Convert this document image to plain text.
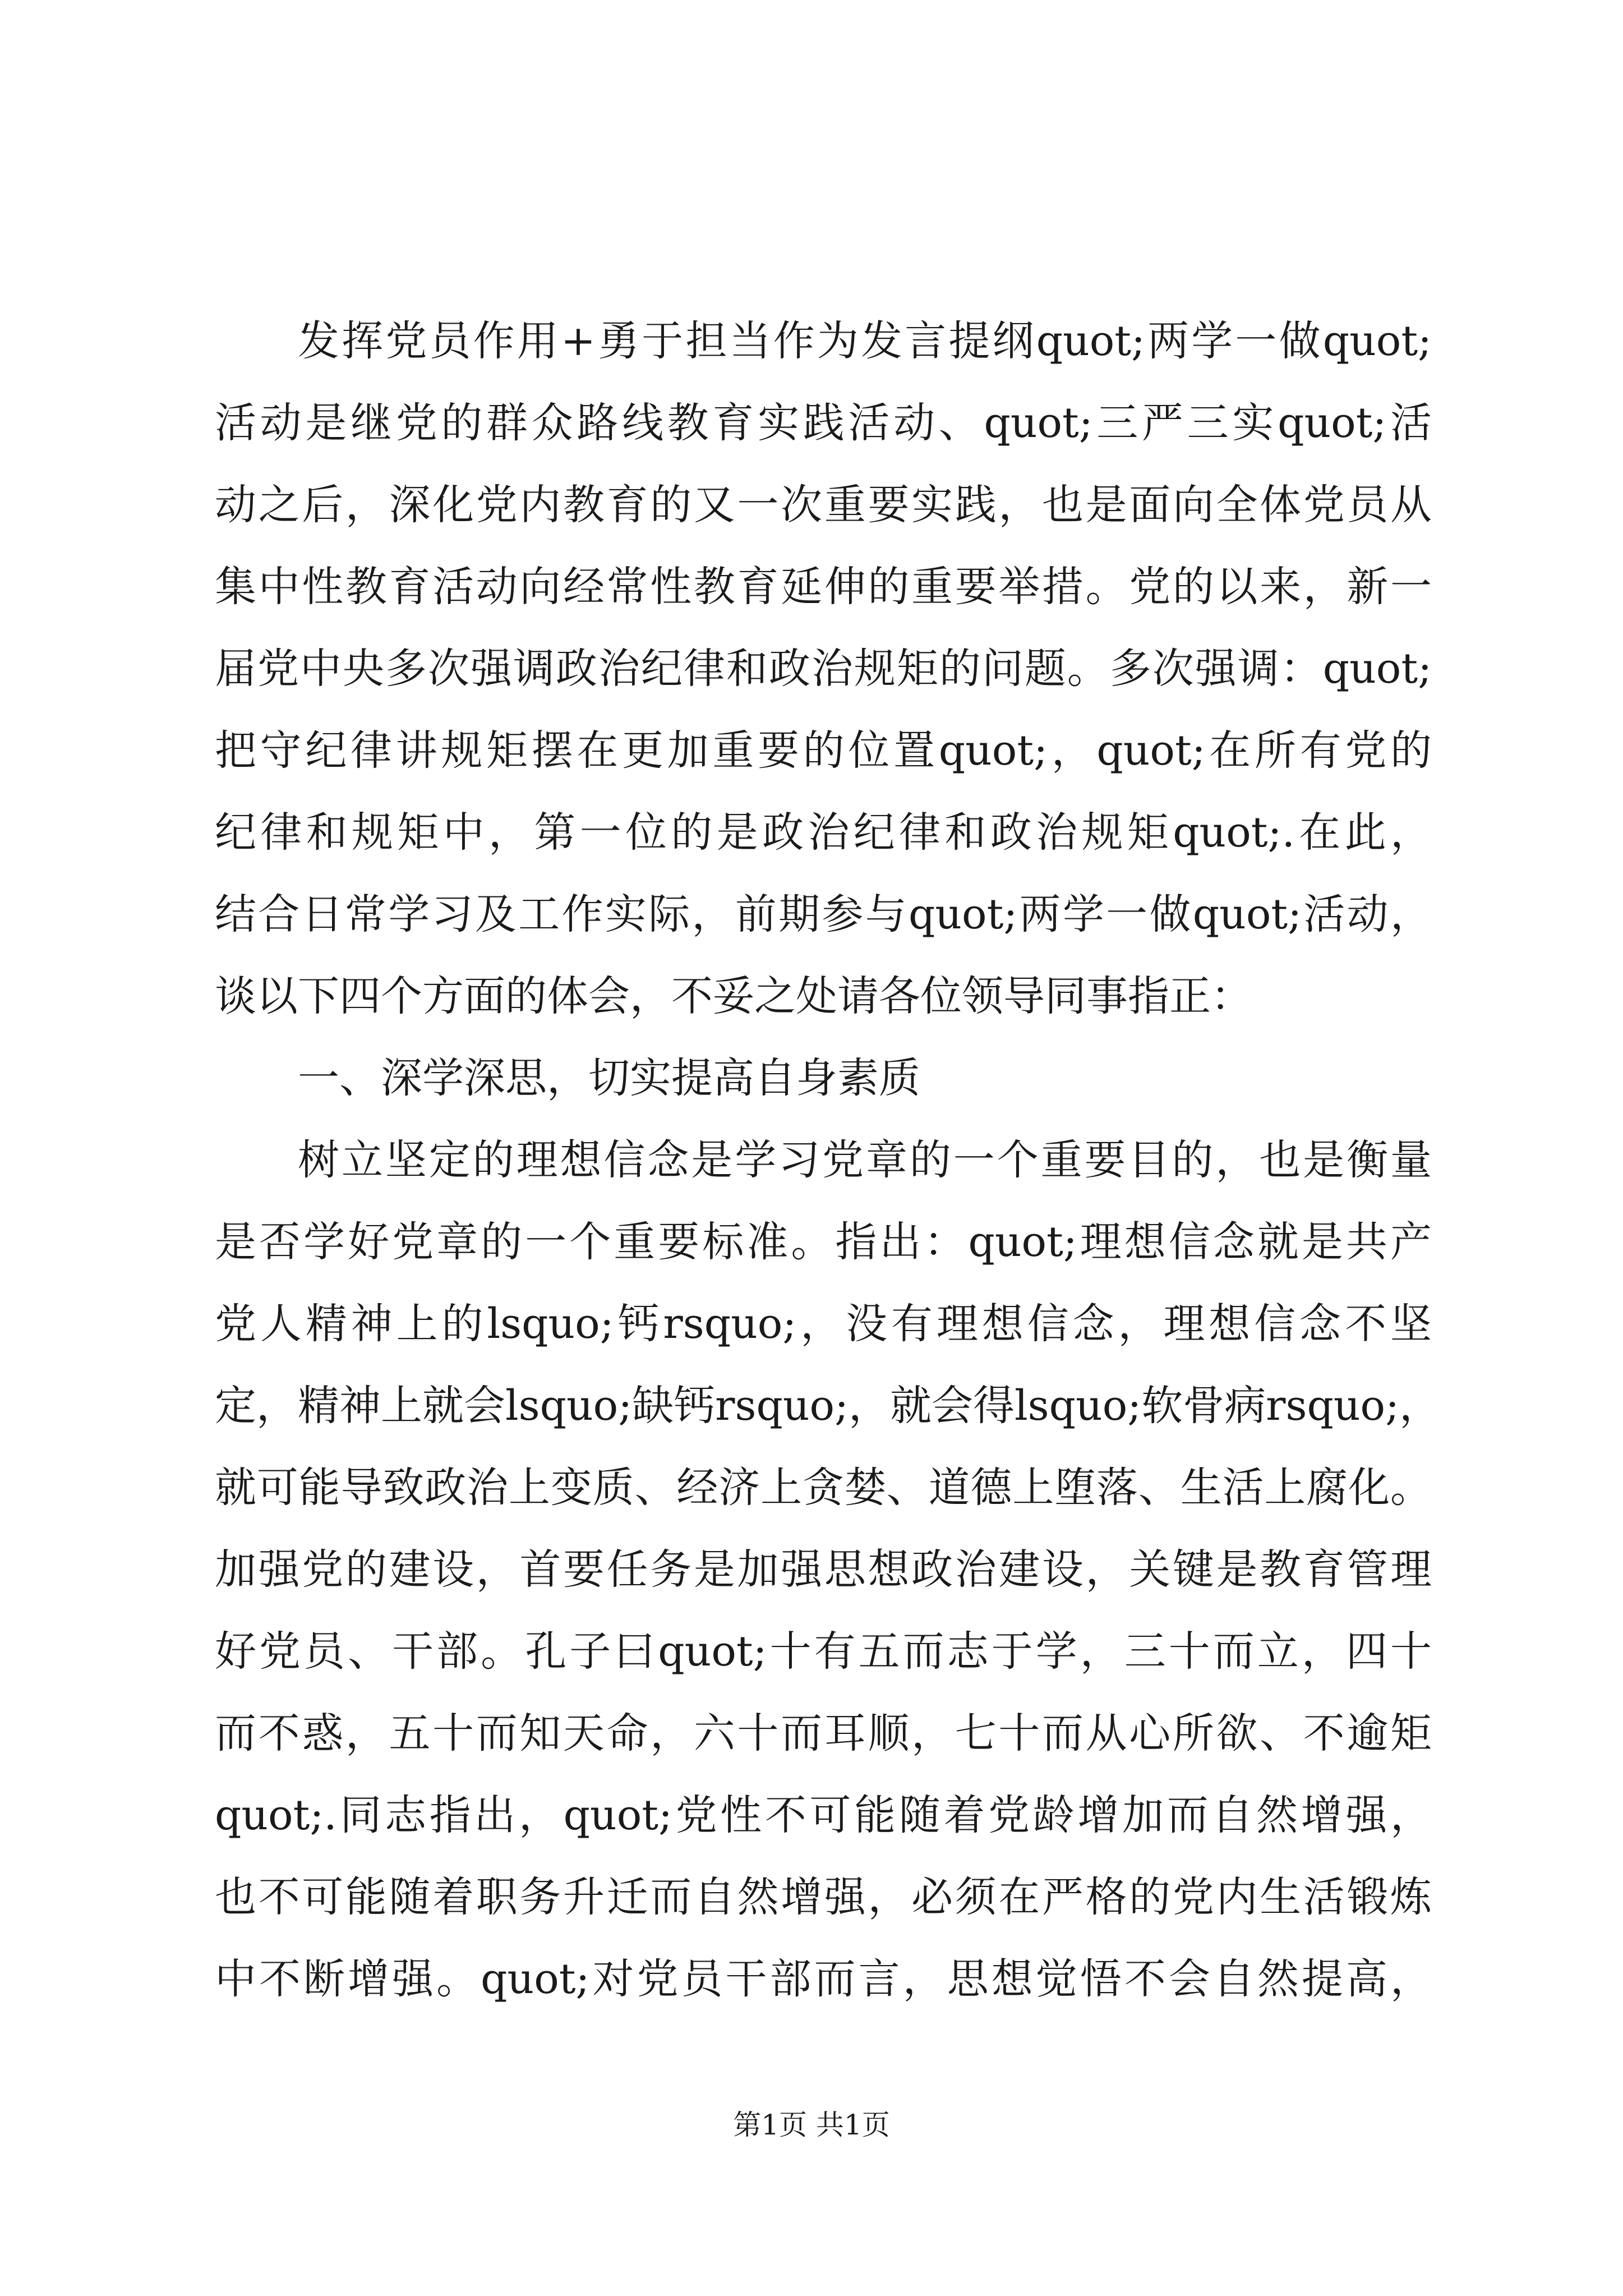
发挥党员作用+勇于担当作为发言提纲quot;两学一做quot;
活动是继党的群众路线教育实践活动、quot;三严三实quot;活
动之后，深化党内教育的又一次重要实践，也是面向全体党员从
集中性教育活动向经常性教育延伸的重要举措。党的以来，新一
届党中央多次强调政治纪律和政治规矩的问题。多次强调：quot;
把守纪律讲规矩摆在更加重要的位置quot;，quot;在所有党的
纪律和规矩中，第一位的是政治纪律和政治规矩quot;.在此，
结合日常学习及工作实际，前期参与quot;两学一做quot;活动，
谈以下四个方面的体会，不妥之处请各位领导同事指正：
一、深学深思，切实提高自身素质
树立坚定的理想信念是学习党章的一个重要目的，也是衡量
是否学好党章的一个重要标准。指出：quot;理想信念就是共产
党人精神上的lsquo;钙rsquo;，没有理想信念，理想信念不坚
定，精神上就会lsquo;缺钙rsquo;，就会得lsquo;软骨病rsquo;，
就可能导致政治上变质、经济上贪婪、道德上堕落、生活上腐化。
加强党的建设，首要任务是加强思想政治建设，关键是教育管理
好党员、干部。孔子曰quot;十有五而志于学，三十而立，四十
而不惑，五十而知天命，六十而耳顺，七十而从心所欲、不逾矩
quot;.同志指出，quot;党性不可能随着党龄增加而自然增强，
也不可能随着职务升迁而自然增强，必须在严格的党内生活锻炼
中不断增强。quot;对党员干部而言，思想觉悟不会自然提高，
第1页 共1页
